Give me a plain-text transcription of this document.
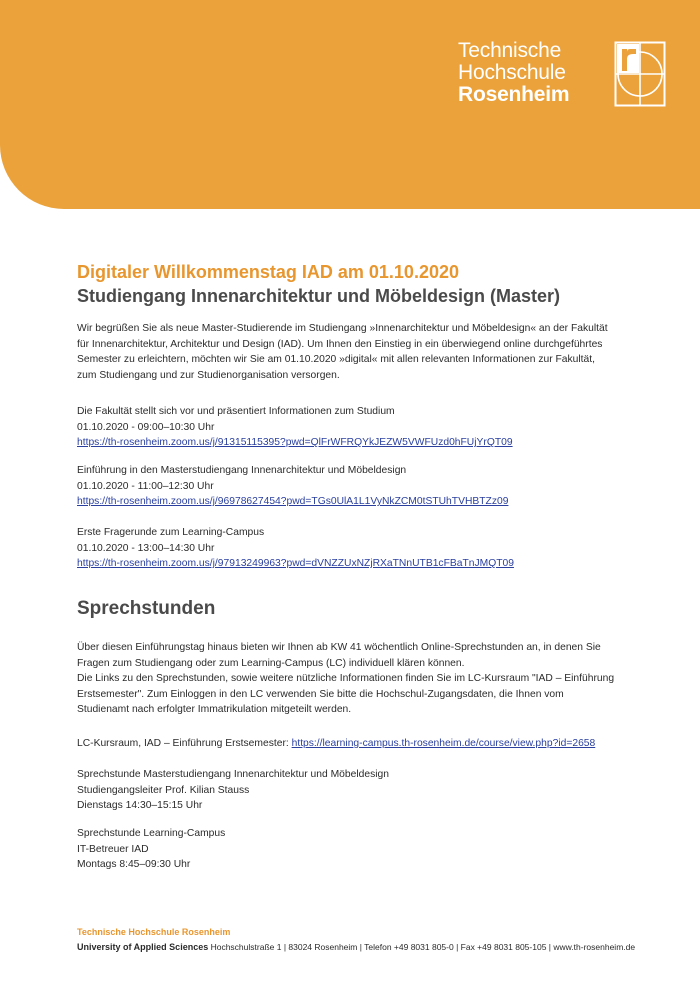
Technische
Hochschule
Rosenheim
Digitaler Willkommenstag IAD am 01.10.2020
Studiengang Innenarchitektur und Möbeldesign (Master)

Wir begrüßen Sie als neue Master-Studierende im Studiengang »Innenarchitektur und Möbeldesign« an der Fakultät
für Innenarchitektur, Architektur und Design (IAD). Um Ihnen den Einstieg in ein überwiegend online durchgeführtes
Semester zu erleichtern, möchten wir Sie am 01.10.2020 »digital« mit allen relevanten Informationen zur Fakultät,
zum Studiengang und zur Studienorganisation versorgen.

Die Fakultät stellt sich vor und präsentiert Informationen zum Studium
01.10.2020 - 09:00–10:30 Uhr
https://th-rosenheim.zoom.us/j/91315115395?pwd=QlFrWFRQYkJEZW5VWFUzd0hFUjYrQT09

Einführung in den Masterstudiengang Innenarchitektur und Möbeldesign
01.10.2020 - 11:00–12:30 Uhr
https://th-rosenheim.zoom.us/j/96978627454?pwd=TGs0UlA1L1VyNkZCM0tSTUhTVHBTZz09

Erste Fragerunde zum Learning-Campus
01.10.2020 - 13:00–14:30 Uhr
https://th-rosenheim.zoom.us/j/97913249963?pwd=dVNZZUxNZjRXaTNnUTB1cFBaTnJMQT09

Sprechstunden

Über diesen Einführungstag hinaus bieten wir Ihnen ab KW 41 wöchentlich Online-Sprechstunden an, in denen Sie
Fragen zum Studiengang oder zum Learning-Campus (LC) individuell klären können.
Die Links zu den Sprechstunden, sowie weitere nützliche Informationen finden Sie im LC-Kursraum "IAD – Einführung
Erstsemester". Zum Einloggen in den LC verwenden Sie bitte die Hochschul-Zugangsdaten, die Ihnen vom
Studienamt nach erfolgter Immatrikulation mitgeteilt werden.

LC-Kursraum, IAD – Einführung Erstsemester: https://learning-campus.th-rosenheim.de/course/view.php?id=2658

Sprechstunde Masterstudiengang Innenarchitektur und Möbeldesign
Studiengangsleiter Prof. Kilian Stauss
Dienstags 14:30–15:15 Uhr

Sprechstunde Learning-Campus
IT-Betreuer IAD
Montags 8:45–09:30 Uhr

Technische Hochschule Rosenheim
University of Applied Sciences Hochschulstraße 1 | 83024 Rosenheim | Telefon +49 8031 805-0 | Fax +49 8031 805-105 | www.th-rosenheim.de
